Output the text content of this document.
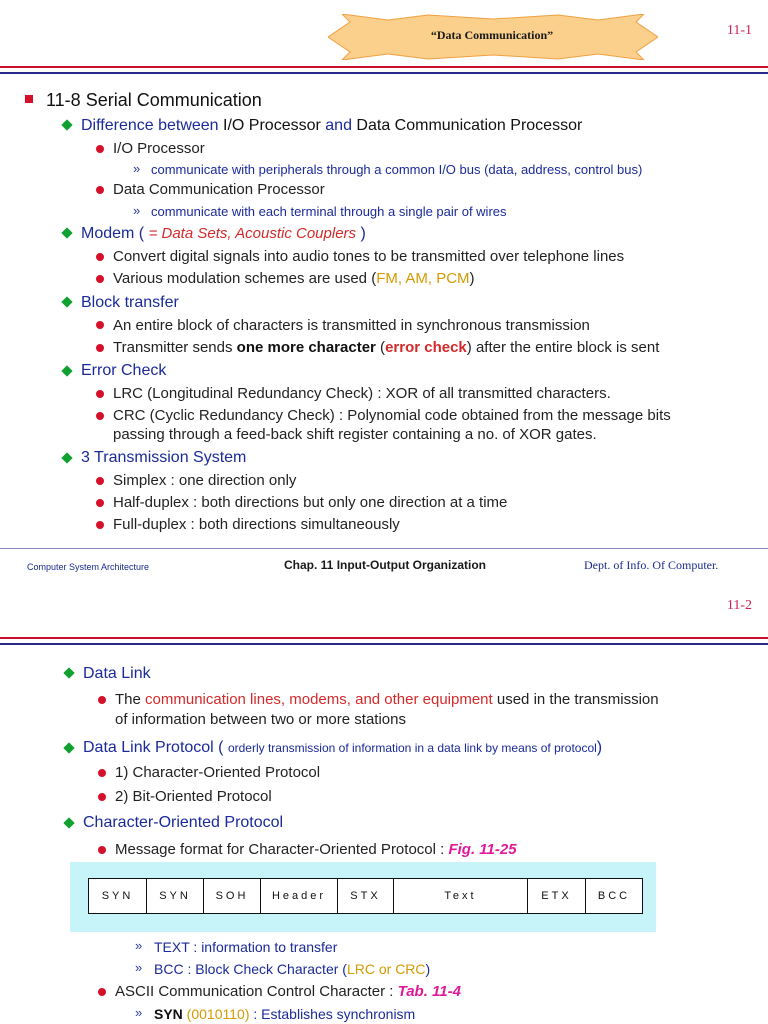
“Data Communication”	11-1
11-8 Serial Communication
Difference between I/O Processor and Data Communication Processor
I/O Processor
» communicate with peripherals through a common I/O bus (data, address, control bus)
Data Communication Processor
» communicate with each terminal through a single pair of wires
Modem ( = Data Sets, Acoustic Couplers )
Convert digital signals into audio tones to be transmitted over telephone lines
Various modulation schemes are used (FM, AM, PCM)
Block transfer
An entire block of characters is transmitted in synchronous transmission
Transmitter sends one more character (error check) after the entire block is sent
Error Check
LRC (Longitudinal Redundancy Check) : XOR of all transmitted characters.
CRC (Cyclic Redundancy Check) : Polynomial code obtained from the message bits
passing through a feed-back shift register containing a no. of XOR gates.
3 Transmission System
Simplex : one direction only
Half-duplex : both directions but only one direction at a time
Full-duplex : both directions simultaneously
Computer System Architecture	Chap. 11 Input-Output Organization	Dept. of Info. Of Computer.
11-2
Data Link
The communication lines, modems, and other equipment used in the transmission
of information between two or more stations
Data Link Protocol ( orderly transmission of information in a data link by means of protocol)
1) Character-Oriented Protocol
2) Bit-Oriented Protocol
Character-Oriented Protocol
Message format for Character-Oriented Protocol : Fig. 11-25
SYN	SYN	SOH	Header	STX	Text	ETX	BCC
» TEXT : information to transfer
» BCC : Block Check Character (LRC or CRC)
ASCII Communication Control Character : Tab. 11-4
» SYN (0010110) : Establishes synchronism
